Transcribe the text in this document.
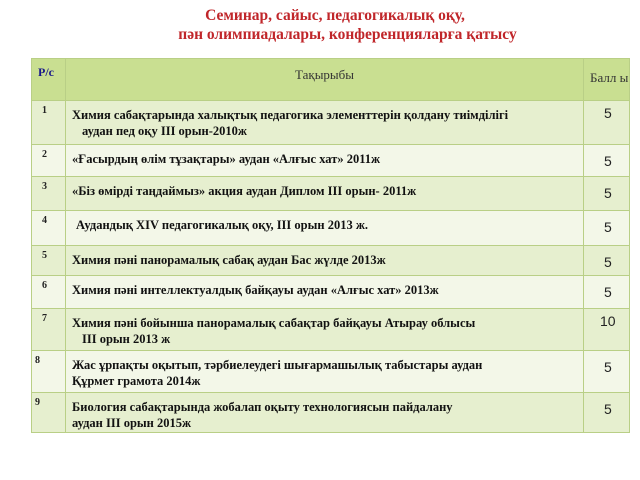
Семинар, сайыс, педагогикалық оқу,
пән олимпиадалары, конференцияларға қатысу
Р/с	Тақырыбы	Балл ы
1	Химия сабақтарында халықтық педагогика элементтерін қолдану тиімділігі
аудан пед оқу ІІІ орын-2010ж	5
2	«Ғасырдың өлім тұзақтары» аудан «Алғыс хат» 2011ж	5
3	«Біз өмірді таңдаймыз» акция аудан Диплом ІІІ орын- 2011ж	5
4	Аудандық XIV педагогикалық оқу, ІІІ орын 2013 ж.	5
5	Химия пәні панорамалық сабақ аудан Бас жүлде 2013ж	5
6	Химия пәні интеллектуалдық байқауы аудан «Алғыс хат» 2013ж	5
7	Химия пәні бойынша панорамалық сабақтар байқауы Атырау облысы
ІІІ орын 2013 ж	10
8	Жас ұрпақты оқытып, тәрбиелеудегі шығармашылық табыстары аудан
Құрмет грамота 2014ж	5
9	Биология сабақтарында жобалап оқыту технологиясын пайдалану
аудан ІІІ орын 2015ж	5
